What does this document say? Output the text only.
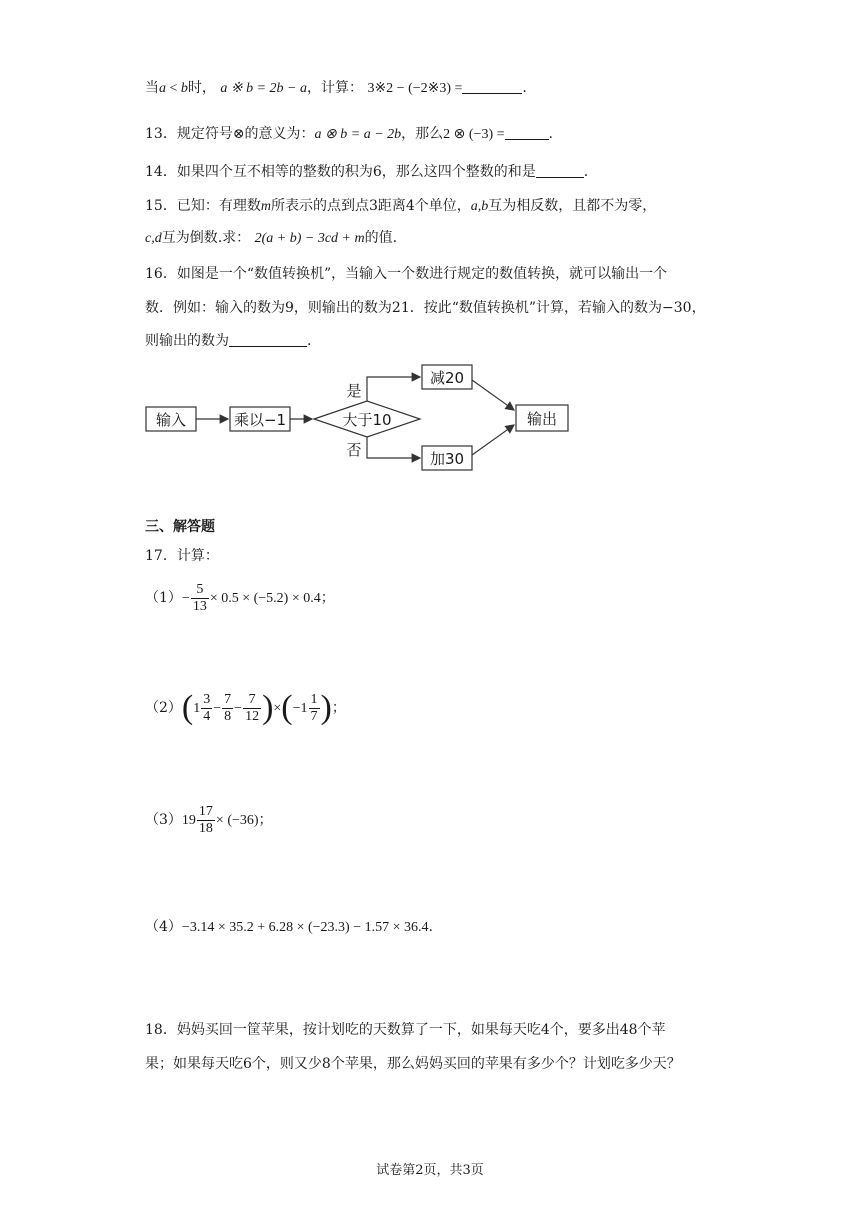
当a < b时， a ※ b = 2b − a，计算： 3※2 − (−2※3) =	.
13．规定符号⊗的意义为：a ⊗ b = a − 2b，那么2 ⊗ (−3) =	.
14．如果四个互不相等的整数的积为6，那么这四个整数的和是	.
15．已知：有理数m所表示的点到点3距离4个单位，a,b互为相反数，且都不为零，
c,d互为倒数.求： 2(a + b) − 3cd + m的值.
16．如图是一个“数值转换机”，当输入一个数进行规定的数值转换，就可以输出一个
数．例如：输入的数为9，则输出的数为21．按此“数值转换机”计算，若输入的数为−30，
则输出的数为	.
输入	乘以−1	大于10
是
否
减20
加30
输出
三、解答题
17．计算：
$(1)- \frac{5}{13} \times 0.5 \times (-5.2) \times 0.4$；
$(2)(1 \frac{3}{4} - \frac{7}{8} - \frac{7}{12} )\times(-1 \frac{1}{7}$ )；
$(3)19 \frac{17}{18} \times (-36)$；
（4）−3.14 × 35.2 + 6.28 × (−23.3) − 1.57 × 36.4.
18．妈妈买回一筐苹果，按计划吃的天数算了一下，如果每天吃4个，要多出48个苹
果；如果每天吃6个，则又少8个苹果，那么妈妈买回的苹果有多少个？计划吃多少天？
试卷第2页，共3页
